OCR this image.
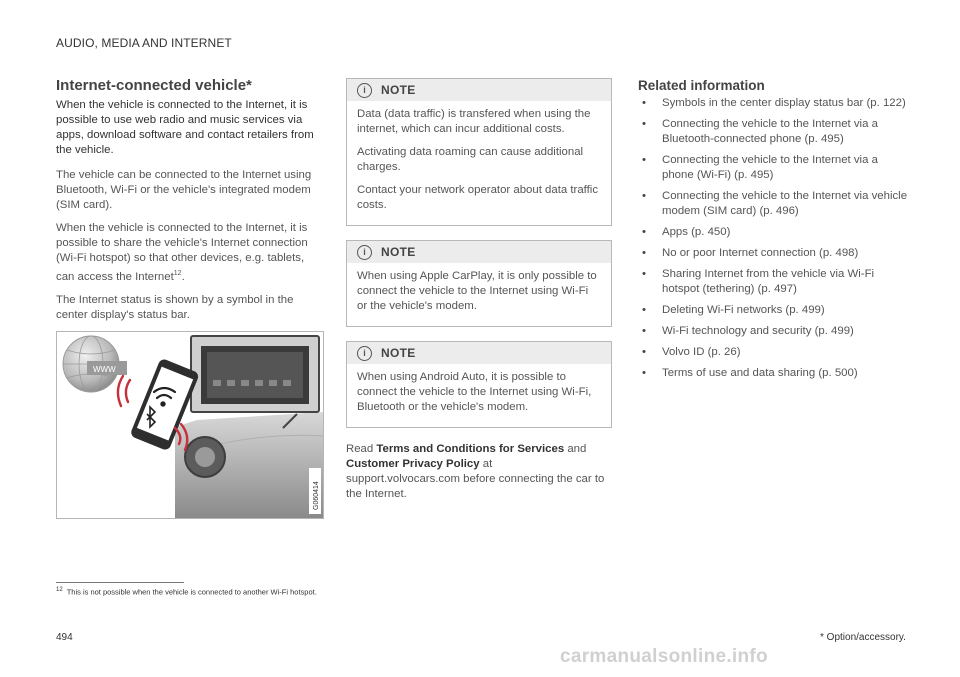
AUDIO, MEDIA AND INTERNET
Internet-connected vehicle*
When the vehicle is connected to the Internet, it is possible to use web radio and music services via apps, download software and contact retailers from the vehicle.

The vehicle can be connected to the Internet using Bluetooth, Wi-Fi or the vehicle's integrated modem (SIM card).

When the vehicle is connected to the Internet, it is possible to share the vehicle's Internet connection (Wi-Fi hotspot) so that other devices, e.g. tablets, can access the Internet$^{12}$.

The Internet status is shown by a symbol in the center display's status bar.

WWW
G060414
i	NOTE

Data (data traffic) is transfered when using the internet, which can incur additional costs.

Activating data roaming can cause additional charges.

Contact your network operator about data traffic costs.

i	NOTE

When using Apple CarPlay, it is only possible to connect the vehicle to the Internet using Wi-Fi or the vehicle's modem.

i	NOTE

When using Android Auto, it is possible to connect the vehicle to the Internet using Wi-Fi, Bluetooth or the vehicle's modem.

Read Terms and Conditions for Services and Customer Privacy Policy at
support.volvocars.com before connecting the car to the Internet.

Related information
• Symbols in the center display status bar (p. 122)
• Connecting the vehicle to the Internet via a Bluetooth-connected phone (p. 495)
• Connecting the vehicle to the Internet via a phone (Wi-Fi) (p. 495)
• Connecting the vehicle to the Internet via vehicle modem (SIM card) (p. 496)
• Apps (p. 450)
• No or poor Internet connection (p. 498)
• Sharing Internet from the vehicle via Wi-Fi hotspot (tethering) (p. 497)
• Deleting Wi-Fi networks (p. 499)
• Wi-Fi technology and security (p. 499)
• Volvo ID (p. 26)
• Terms of use and data sharing (p. 500)
$^{12}$ This is not possible when the vehicle is connected to another Wi-Fi hotspot.
494	* Option/accessory.
carmanualsonline.info
